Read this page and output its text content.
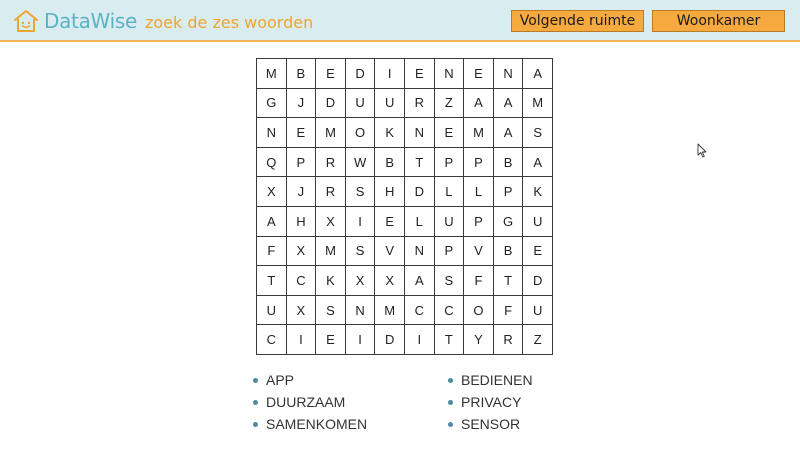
DataWise zoek de zes woorden	Volgende ruimte	Woonkamer
M	B	E	D	I	E	N	E	N	A
G	J	D	U	U	R	Z	A	A	M
N	E	M	O	K	N	E	M	A	S
Q	P	R	W	B	T	P	P	B	A
X	J	R	S	H	D	L	L	P	K
A	H	X	I	E	L	U	P	G	U
F	X	M	S	V	N	P	V	B	E
T	C	K	X	X	A	S	F	T	D
U	X	S	N	M	C	C	O	F	U
C	I	E	I	D	I	T	Y	R	Z
APP	BEDIENEN
DUURZAAM	PRIVACY
SAMENKOMEN	SENSOR
